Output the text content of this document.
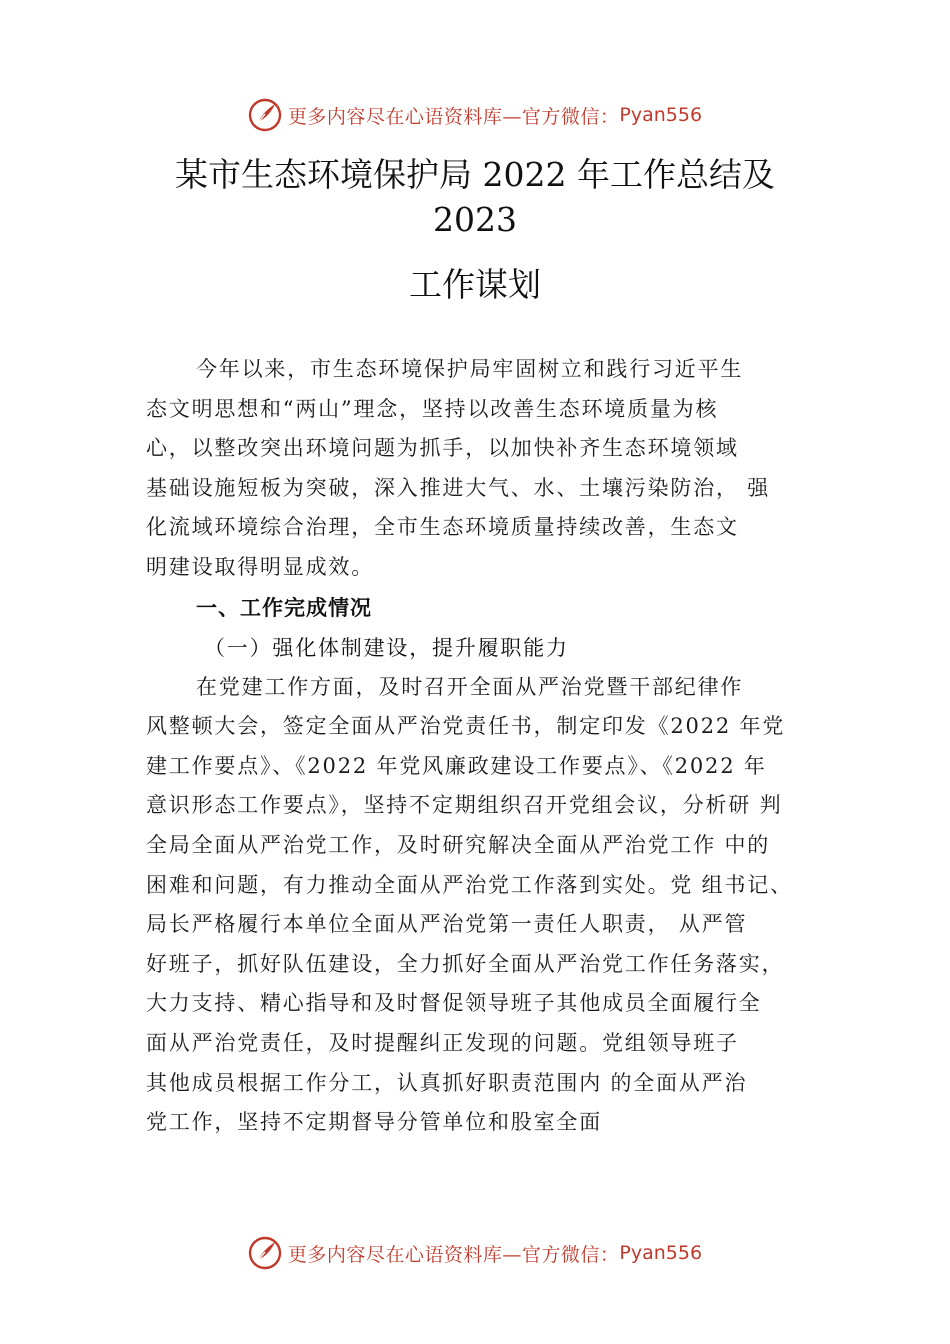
更多内容尽在心语资料库—官方微信： Pyan556
某市生态环境保护局 2022 年工作总结及
2023
工作谋划
今年以来，市生态环境保护局牢固树立和践行习近平生
态文明思想和“两山”理念，坚持以改善生态环境质量为核
心，以整改突出环境问题为抓手，以加快补齐生态环境领域
基础设施短板为突破，深入推进大气、水、土壤污染防治， 强
化流域环境综合治理，全市生态环境质量持续改善，生态文
明建设取得明显成效。
一、工作完成情况
（一）强化体制建设，提升履职能力
在党建工作方面，及时召开全面从严治党暨干部纪律作
风整顿大会，签定全面从严治党责任书，制定印发《2022 年党
建工作要点》、《2022 年党风廉政建设工作要点》、《2022 年
意识形态工作要点》，坚持不定期组织召开党组会议，分析研 判
全局全面从严治党工作，及时研究解决全面从严治党工作 中的
困难和问题，有力推动全面从严治党工作落到实处。党 组书记、
局长严格履行本单位全面从严治党第一责任人职责， 从严管
好班子，抓好队伍建设，全力抓好全面从严治党工作任务落实，
大力支持、精心指导和及时督促领导班子其他成员全面履行全
面从严治党责任，及时提醒纠正发现的问题。党组领导班子
其他成员根据工作分工，认真抓好职责范围内 的全面从严治
党工作，坚持不定期督导分管单位和股室全面
更多内容尽在心语资料库—官方微信： Pyan556
